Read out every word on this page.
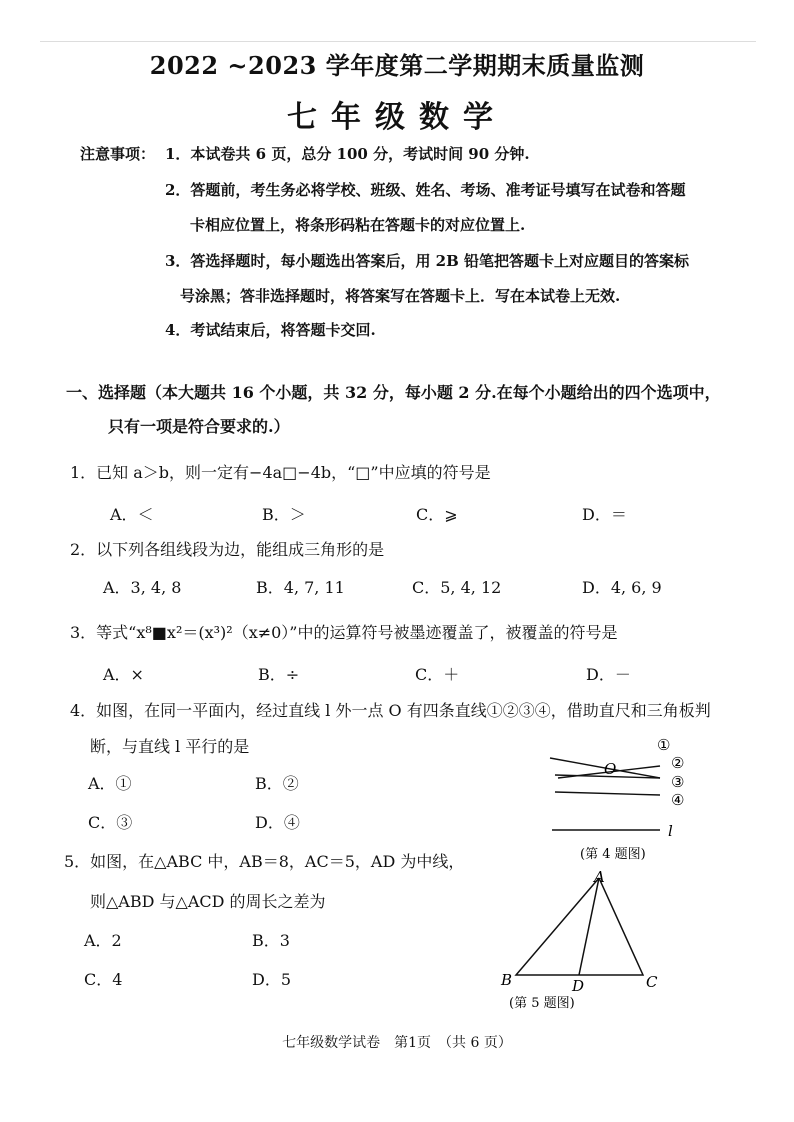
2022 ~2023 学年度第二学期期末质量监测
七年级数学
注意事项： 1．本试卷共 6 页，总分 100 分，考试时间 90 分钟.
2．答题前，考生务必将学校、班级、姓名、考场、准考证号填写在试卷和答题
卡相应位置上，将条形码粘在答题卡的对应位置上.
3．答选择题时，每小题选出答案后，用 2B 铅笔把答题卡上对应题目的答案标
号涂黑；答非选择题时，将答案写在答题卡上．写在本试卷上无效.
4．考试结束后，将答题卡交回.
一、选择题（本大题共 16 个小题，共 32 分，每小题 2 分.在每个小题给出的四个选项中，
只有一项是符合要求的.）
1．已知 a＞b，则一定有−4a□−4b，“□”中应填的符号是
A．＜	B．＞	C．⩾	D．＝
2．以下列各组线段为边，能组成三角形的是
A．3, 4, 8	B．4, 7, 11	C．5, 4, 12	D．4, 6, 9
3．等式“x⁸■x²＝(x³)²（x≠0）”中的运算符号被墨迹覆盖了，被覆盖的符号是
A．×	B．÷	C．＋	D．－
4．如图，在同一平面内，经过直线 l 外一点 O 有四条直线①②③④，借助直尺和三角板判
断，与直线 l 平行的是
A．①	B．②
C．③	D．④
5．如图，在△ABC 中，AB＝8，AC＝5，AD 为中线，
则△ABD 与△ACD 的周长之差为
A．2	B．3
C．4	D．5
O
①
②
③
④
l
(第 4 题图)
A
B	C
D
(第 5 题图)
七年级数学试卷　第1页　（共 6 页）
